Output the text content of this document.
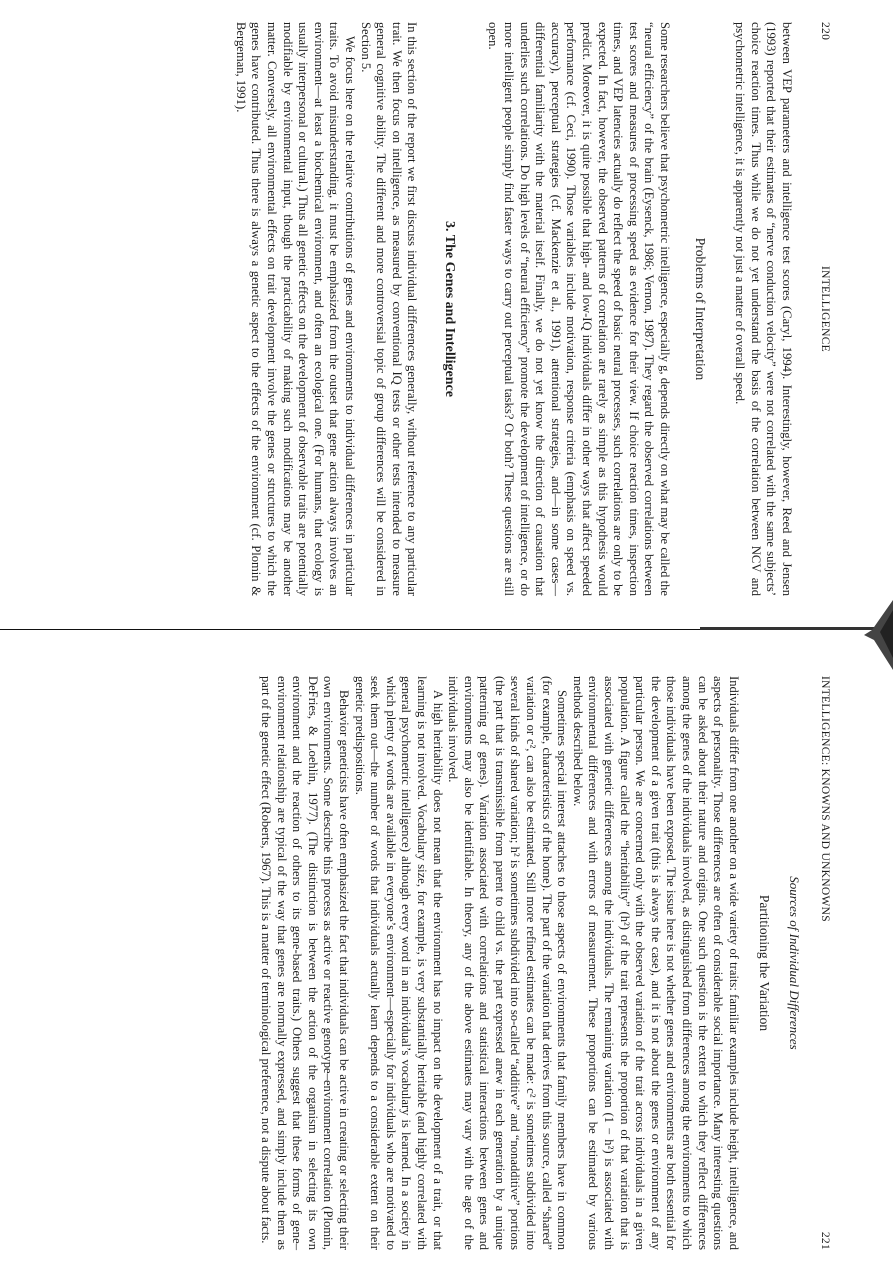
220
INTELLIGENCE

between VEP parameters and intelligence test scores (Caryl, 1994). Interestingly, however, Reed and Jensen (1993) reported that their estimates of “nerve conduction velocity” were not correlated with the same subjects’ choice reaction times. Thus while we do not yet understand the basis of the correlation between NCV and psychometric intelligence, it is apparently not just a matter of overall speed.

Problems of Interpretation

Some researchers believe that psychometric intelligence, especially g, depends directly on what may be called the “neural efficiency” of the brain (Eysenck, 1986; Vernon, 1987). They regard the observed correlations between test scores and measures of processing speed as evidence for their view. If choice reaction times, inspection times, and VEP latencies actually do reflect the speed of basic neural processes, such correlations are only to be expected. In fact, however, the observed patterns of correlation are rarely as simple as this hypothesis would predict. Moreover, it is quite possible that high- and low-IQ individuals differ in other ways that affect speeded performance (cf. Ceci, 1990). Those variables include motivation, response criteria (emphasis on speed vs. accuracy), perceptual strategies (cf. Mackenzie et al., 1991), attentional strategies, and—in some cases—differential familiarity with the material itself. Finally, we do not yet know the direction of causation that underlies such correlations. Do high levels of “neural efficiency” promote the development of intelligence, or do more intelligent people simply find faster ways to carry out perceptual tasks? Or both? These questions are still open.

3. The Genes and Intelligence

In this section of the report we first discuss individual differences generally, without reference to any particular trait. We then focus on intelligence, as measured by conventional IQ tests or other tests intended to measure general cognitive ability. The different and more controversial topic of group differences will be considered in Section 5.

We focus here on the relative contributions of genes and environments to individual differences in particular traits. To avoid misunderstanding, it must be emphasized from the outset that gene action always involves an environment—at least a biochemical environment, and often an ecological one. (For humans, that ecology is usually interpersonal or cultural.) Thus all genetic effects on the development of observable traits are potentially modifiable by environmental input, though the practicability of making such modifications may be another matter. Conversely, all environmental effects on trait development involve the genes or structures to which the genes have contributed. Thus there is always a genetic aspect to the effects of the environment (cf. Plomin & Bergeman, 1991).

INTELLIGENCE: KNOWNS AND UNKNOWNS
221
Sources of Individual Differences
Partitioning the Variation

Individuals differ from one another on a wide variety of traits: familiar examples include height, intelligence, and aspects of personality. Those differences are often of considerable social importance. Many interesting questions can be asked about their nature and origins. One such question is the extent to which they reflect differences among the genes of the individuals involved, as distinguished from differences among the environments to which those individuals have been exposed. The issue here is not whether genes and environments are both essential for the development of a given trait (this is always the case), and it is not about the genes or environment of any particular person. We are concerned only with the observed variation of the trait across individuals in a given population. A figure called the “heritability” (h²) of the trait represents the proportion of that variation that is associated with genetic differences among the individuals. The remaining variation (1 − h²) is associated with environmental differences and with errors of measurement. These proportions can be estimated by various methods described below.

Sometimes special interest attaches to those aspects of environments that family members have in common (for example, characteristics of the home). The part of the variation that derives from this source, called “shared” variation or c², can also be estimated. Still more refined estimates can be made: c² is sometimes subdivided into several kinds of shared variation; h² is sometimes subdivided into so-called “additive” and “nonadditive” portions (the part that is transmissible from parent to child vs. the part expressed anew in each generation by a unique patterning of genes). Variation associated with correlations and statistical interactions between genes and environments may also be identifiable. In theory, any of the above estimates may vary with the age of the individuals involved.

A high heritability does not mean that the environment has no impact on the development of a trait, or that learning is not involved. Vocabulary size, for example, is very substantially heritable (and highly correlated with general psychometric intelligence) although every word in an individual’s vocabulary is learned. In a society in which plenty of words are available in everyone’s environment—especially for individuals who are motivated to seek them out—the number of words that individuals actually learn depends to a considerable extent on their genetic predispositions.

Behavior geneticists have often emphasized the fact that individuals can be active in creating or selecting their own environments. Some describe this process as active or reactive genotype–environment correlation (Plomin, DeFries, & Loehlin, 1977). (The distinction is between the action of the organism in selecting its own environment and the reaction of others to its gene-based traits.) Others suggest that these forms of gene–environment relationship are typical of the way that genes are normally expressed, and simply include them as part of the genetic effect (Roberts, 1967). This is a matter of terminological preference, not a dispute about facts.
